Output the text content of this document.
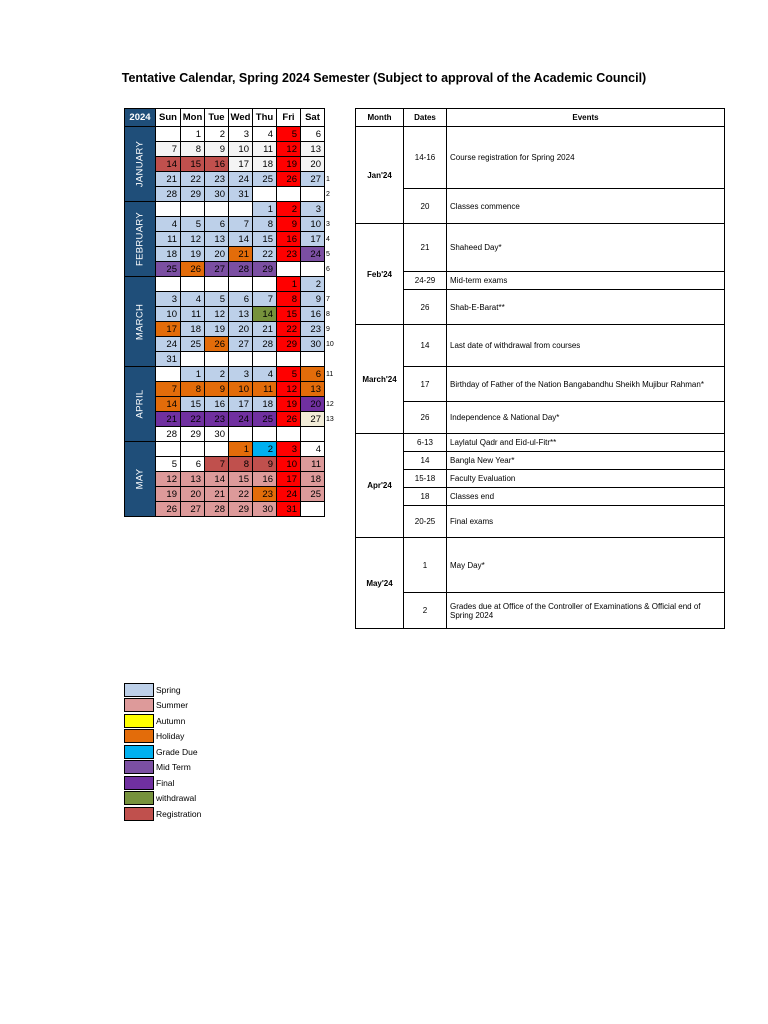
Tentative Calendar, Spring 2024 Semester (Subject to approval of the Academic Council)
2024	Sun	Mon	Tue	Wed	Thu	Fri	Sat	

JANUARY		1	2	3	4	5	6	
	7	8	9	10	11	12	13	
	14	15	16	17	18	19	20	
	21	22	23	24	25	26	27	1
	28	29	30	31				2

FEBRUARY					1	2	3	
	4	5	6	7	8	9	10	3
	11	12	13	14	15	16	17	4
	18	19	20	21	22	23	24	5
	25	26	27	28	29			6

MARCH						1	2	
	3	4	5	6	7	8	9	7
	10	11	12	13	14	15	16	8
	17	18	19	20	21	22	23	9
	24	25	26	27	28	29	30	10
	31							

APRIL		1	2	3	4	5	6	11
	7	8	9	10	11	12	13	
	14	15	16	17	18	19	20	12
	21	22	23	24	25	26	27	13
	28	29	30					

MAY				1	2	3	4	
	5	6	7	8	9	10	11	
	12	13	14	15	16	17	18	
	19	20	21	22	23	24	25	
	26	27	28	29	30	31		
Month	Dates	Events
Jan'24	14-16	Course registration for Spring 2024
	20	Classes commence
Feb'24	21	Shaheed Day*
	24-29	Mid-term exams
	26	Shab-E-Barat**
March'24	14	Last date of withdrawal from courses
	17	Birthday of Father of the Nation Bangabandhu Sheikh Mujibur Rahman*
	26	Independence & National Day*
Apr'24	6-13	Laylatul Qadr and Eid-ul-Fitr**
	14	Bangla New Year*
	15-18	Faculty Evaluation
	18	Classes end
	20-25	Final exams
May'24	1	May Day*
	2	Grades due at Office of the Controller of Examinations & Official end of Spring 2024
Spring
Summer
Autumn
Holiday
Grade Due
Mid Term
Final
withdrawal
Registration
